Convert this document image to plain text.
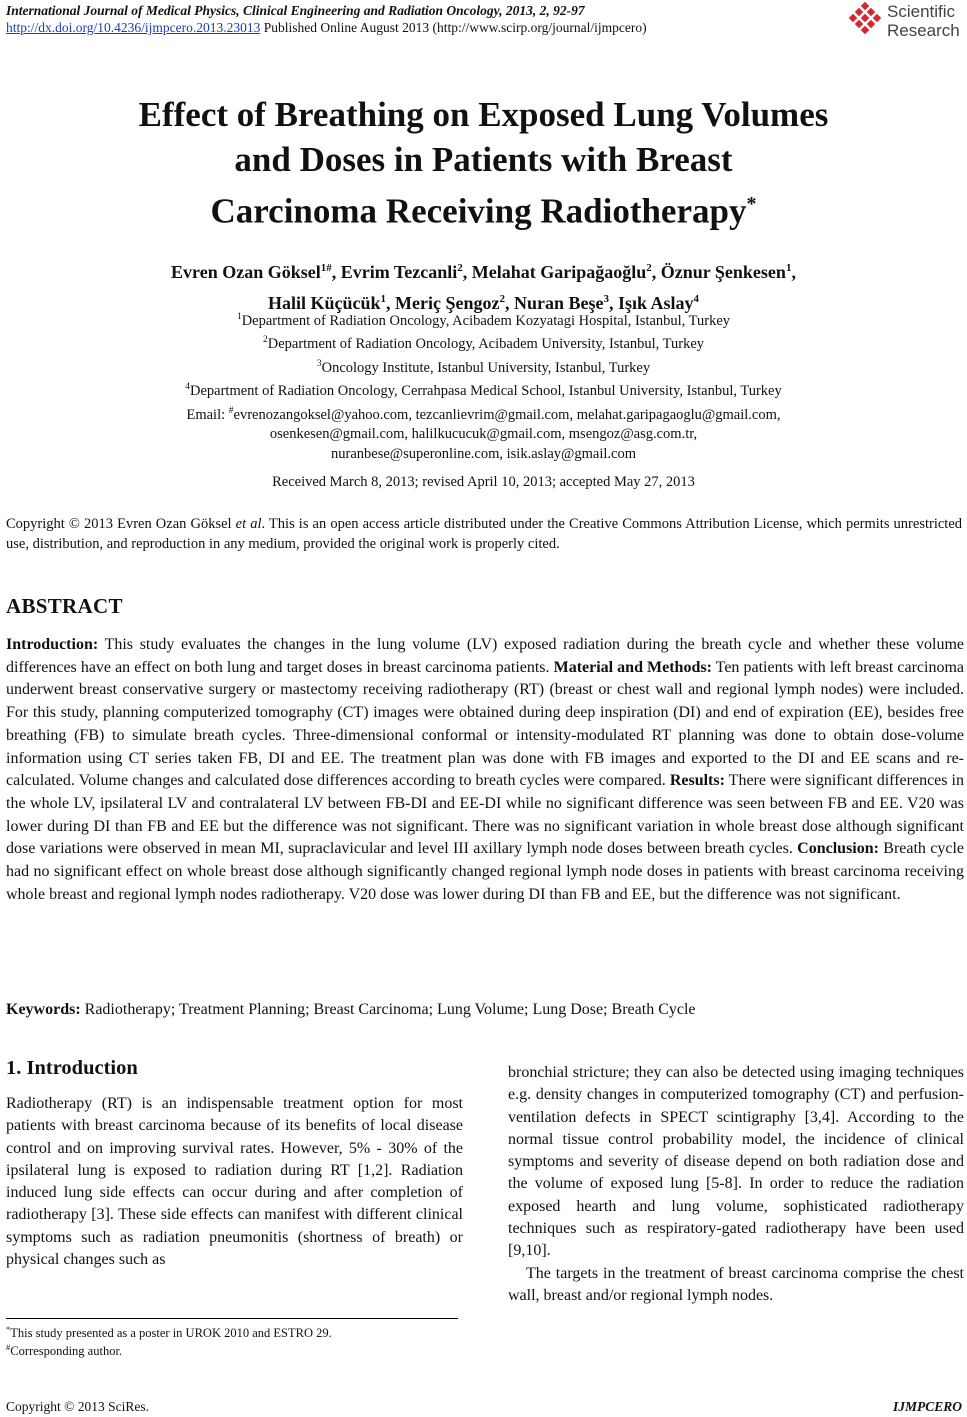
International Journal of Medical Physics, Clinical Engineering and Radiation Oncology, 2013, 2, 92-97
http://dx.doi.org/10.4236/ijmpcero.2013.23013 Published Online August 2013 (http://www.scirp.org/journal/ijmpcero)
Scientific
Research
Effect of Breathing on Exposed Lung Volumes
and Doses in Patients with Breast
Carcinoma Receiving Radiotherapy*
Evren Ozan Göksel$^{1\#}$, Evrim Tezcanli$^2$, Melahat Garipağaoğlu$^2$, Öznur Şenkesen$^1$,
Halil Küçücük$^1$, Meriç Şengoz$^2$, Nuran Beşe$^3$, Işık Aslay$^4$
$^1$Department of Radiation Oncology, Acibadem Kozyatagi Hospital, Istanbul, Turkey
$^2$Department of Radiation Oncology, Acibadem University, Istanbul, Turkey
$^3$Oncology Institute, Istanbul University, Istanbul, Turkey
$^4$Department of Radiation Oncology, Cerrahpasa Medical School, Istanbul University, Istanbul, Turkey
Email: #evrenozangoksel@yahoo.com, tezcanlievrim@gmail.com, melahat.garipagaoglu@gmail.com,
osenkesen@gmail.com, halilkucucuk@gmail.com, msengoz@asg.com.tr,
nuranbese@superonline.com, isik.aslay@gmail.com
Received March 8, 2013; revised April 10, 2013; accepted May 27, 2013
Copyright © 2013 Evren Ozan Göksel et al. This is an open access article distributed under the Creative Commons Attribution License, which permits unrestricted use, distribution, and reproduction in any medium, provided the original work is properly cited.
ABSTRACT
Introduction: This study evaluates the changes in the lung volume (LV) exposed radiation during the breath cycle and whether these volume differences have an effect on both lung and target doses in breast carcinoma patients. Material and Methods: Ten patients with left breast carcinoma underwent breast conservative surgery or mastectomy receiving radiotherapy (RT) (breast or chest wall and regional lymph nodes) were included. For this study, planning computerized tomography (CT) images were obtained during deep inspiration (DI) and end of expiration (EE), besides free breathing (FB) to simulate breath cycles. Three-dimensional conformal or intensity-modulated RT planning was done to obtain dose-volume information using CT series taken FB, DI and EE. The treatment plan was done with FB images and exported to the DI and EE scans and re-calculated. Volume changes and calculated dose differences according to breath cycles were compared. Results: There were significant differences in the whole LV, ipsilateral LV and contralateral LV between FB-DI and EE-DI while no significant difference was seen between FB and EE. V20 was lower during DI than FB and EE but the difference was not significant. There was no significant variation in whole breast dose although significant dose variations were observed in mean MI, supraclavicular and level III axillary lymph node doses between breath cycles. Conclusion: Breath cycle had no significant effect on whole breast dose although significantly changed regional lymph node doses in patients with breast carcinoma receiving whole breast and regional lymph nodes radiotherapy. V20 dose was lower during DI than FB and EE, but the difference was not significant.
Keywords: Radiotherapy; Treatment Planning; Breast Carcinoma; Lung Volume; Lung Dose; Breath Cycle
1. Introduction

Radiotherapy (RT) is an indispensable treatment option for most patients with breast carcinoma because of its benefits of local disease control and on improving survival rates. However, 5% - 30% of the ipsilateral lung is exposed to radiation during RT [1,2]. Radiation induced lung side effects can occur during and after completion of radiotherapy [3]. These side effects can manifest with different clinical symptoms such as radiation pneumonitis (shortness of breath) or physical changes such as

bronchial stricture; they can also be detected using imaging techniques e.g. density changes in computerized tomography (CT) and perfusion-ventilation defects in SPECT scintigraphy [3,4]. According to the normal tissue control probability model, the incidence of clinical symptoms and severity of disease depend on both radiation dose and the volume of exposed lung [5-8]. In order to reduce the radiation exposed hearth and lung volume, sophisticated radiotherapy techniques such as respiratory-gated radiotherapy have been used [9,10].

The targets in the treatment of breast carcinoma comprise the chest wall, breast and/or regional lymph nodes.

*This study presented as a poster in UROK 2010 and ESTRO 29.
#Corresponding author.
Copyright © 2013 SciRes.	IJMPCERO
